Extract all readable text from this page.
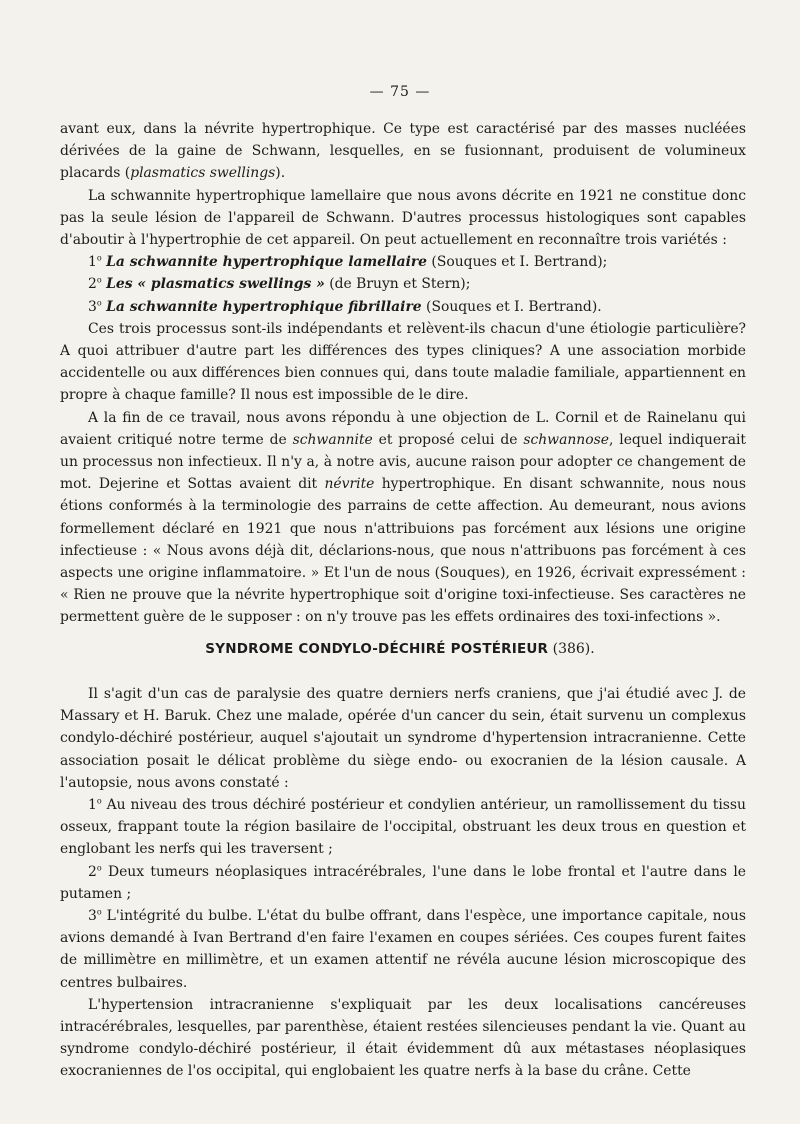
— 75 —

avant eux, dans la névrite hypertrophique. Ce type est caractérisé par des masses nucléées dérivées de la gaine de Schwann, lesquelles, en se fusionnant, produisent de volumineux placards (plasmatics swellings).

La schwannite hypertrophique lamellaire que nous avons décrite en 1921 ne constitue donc pas la seule lésion de l'appareil de Schwann. D'autres processus histologiques sont capables d'aboutir à l'hypertrophie de cet appareil. On peut actuellement en reconnaître trois variétés :

1$^o$ La schwannite hypertrophique lamellaire (Souques et I. Bertrand);

2$^o$ Les « plasmatics swellings » (de Bruyn et Stern);

3$^o$ La schwannite hypertrophique fibrillaire (Souques et I. Bertrand).

Ces trois processus sont-ils indépendants et relèvent-ils chacun d'une étiologie particulière? A quoi attribuer d'autre part les différences des types cliniques? A une association morbide accidentelle ou aux différences bien connues qui, dans toute maladie familiale, appartiennent en propre à chaque famille? Il nous est impossible de le dire.

A la fin de ce travail, nous avons répondu à une objection de L. Cornil et de Rainelanu qui avaient critiqué notre terme de schwannite et proposé celui de schwannose, lequel indiquerait un processus non infectieux. Il n'y a, à notre avis, aucune raison pour adopter ce changement de mot. Dejerine et Sottas avaient dit névrite hypertrophique. En disant schwannite, nous nous étions conformés à la terminologie des parrains de cette affection. Au demeurant, nous avions formellement déclaré en 1921 que nous n'attribuions pas forcément aux lésions une origine infectieuse : « Nous avons déjà dit, déclarions-nous, que nous n'attribuons pas forcément à ces aspects une origine inflammatoire. » Et l'un de nous (Souques), en 1926, écrivait expressément : « Rien ne prouve que la névrite hypertrophique soit d'origine toxi-infectieuse. Ses caractères ne permettent guère de le supposer : on n'y trouve pas les effets ordinaires des toxi-infections ».

SYNDROME CONDYLO-DÉCHIRÉ POSTÉRIEUR (386).

Il s'agit d'un cas de paralysie des quatre derniers nerfs craniens, que j'ai étudié avec J. de Massary et H. Baruk. Chez une malade, opérée d'un cancer du sein, était survenu un complexus condylo-déchiré postérieur, auquel s'ajoutait un syndrome d'hypertension intracranienne. Cette association posait le délicat problème du siège endo- ou exocranien de la lésion causale. A l'autopsie, nous avons constaté :

1$^o$ Au niveau des trous déchiré postérieur et condylien antérieur, un ramollissement du tissu osseux, frappant toute la région basilaire de l'occipital, obstruant les deux trous en question et englobant les nerfs qui les traversent ;

2$^o$ Deux tumeurs néoplasiques intracérébrales, l'une dans le lobe frontal et l'autre dans le putamen ;

3$^o$ L'intégrité du bulbe. L'état du bulbe offrant, dans l'espèce, une importance capitale, nous avions demandé à Ivan Bertrand d'en faire l'examen en coupes sériées. Ces coupes furent faites de millimètre en millimètre, et un examen attentif ne révéla aucune lésion microscopique des centres bulbaires.

L'hypertension intracranienne s'expliquait par les deux localisations cancéreuses intracérébrales, lesquelles, par parenthèse, étaient restées silencieuses pendant la vie. Quant au syndrome condylo-déchiré postérieur, il était évidemment dû aux métastases néoplasiques exocraniennes de l'os occipital, qui englobaient les quatre nerfs à la base du crâne. Cette
